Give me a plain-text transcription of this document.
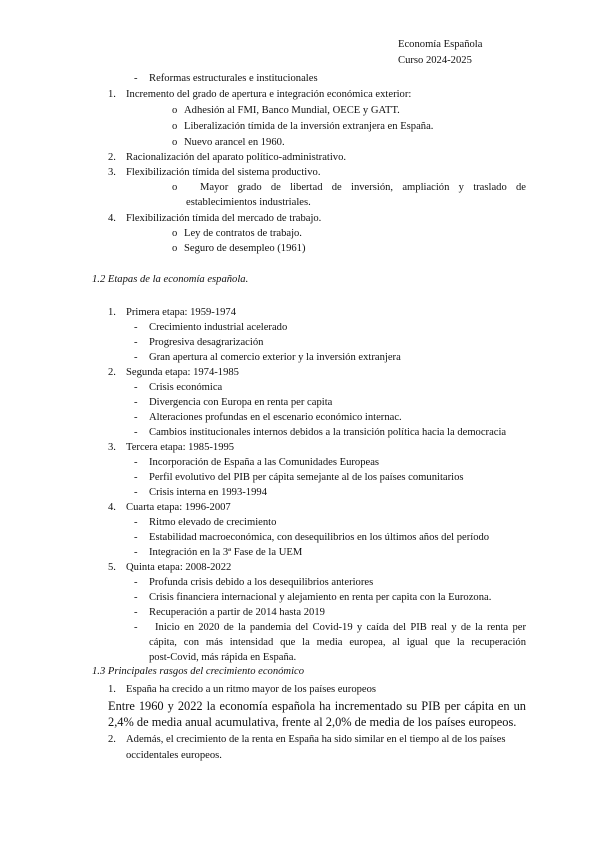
Economía Española
Curso 2024-2025
- Reformas estructurales e institucionales
1. Incremento del grado de apertura e integración económica exterior:
o Adhesión al FMI, Banco Mundial, OECE y GATT.
o Liberalización tímida de la inversión extranjera en España.
o Nuevo arancel en 1960.
2. Racionalización del aparato político-administrativo.
3. Flexibilización tímida del sistema productivo.
o Mayor grado de libertad de inversión, ampliación y traslado de
establecimientos industriales.
4. Flexibilización tímida del mercado de trabajo.
o Ley de contratos de trabajo.
o Seguro de desempleo (1961)
1.2 Etapas de la economía española.
1. Primera etapa: 1959-1974
- Crecimiento industrial acelerado
- Progresiva desagrarización
- Gran apertura al comercio exterior y la inversión extranjera
2. Segunda etapa: 1974-1985
- Crisis económica
- Divergencia con Europa en renta per capita
- Alteraciones profundas en el escenario económico internac.
- Cambios institucionales internos debidos a la transición política hacia la democracia
3. Tercera etapa: 1985-1995
- Incorporación de España a las Comunidades Europeas
- Perfil evolutivo del PIB per cápita semejante al de los países comunitarios
- Crisis interna en 1993-1994
4. Cuarta etapa: 1996-2007
- Ritmo elevado de crecimiento
- Estabilidad macroeconómica, con desequilibrios en los últimos años del período
- Integración en la 3ª Fase de la UEM
5. Quinta etapa: 2008-2022
- Profunda crisis debido a los desequilibrios anteriores
- Crisis financiera internacional y alejamiento en renta per capita con la Eurozona.
- Recuperación a partir de 2014 hasta 2019
- Inicio en 2020 de la pandemia del Covid-19 y caída del PIB real y de la renta per
cápita, con más intensidad que la media europea, al igual que la recuperación
post-Covid, más rápida en España.
1.3 Principales rasgos del crecimiento económico
1. España ha crecido a un ritmo mayor de los países europeos
Entre 1960 y 2022 la economía española ha incrementado su PIB per cápita en un
2,4% de media anual acumulativa, frente al 2,0% de media de los países europeos.
2. Además, el crecimiento de la renta en España ha sido similar en el tiempo al de los países
occidentales europeos.
